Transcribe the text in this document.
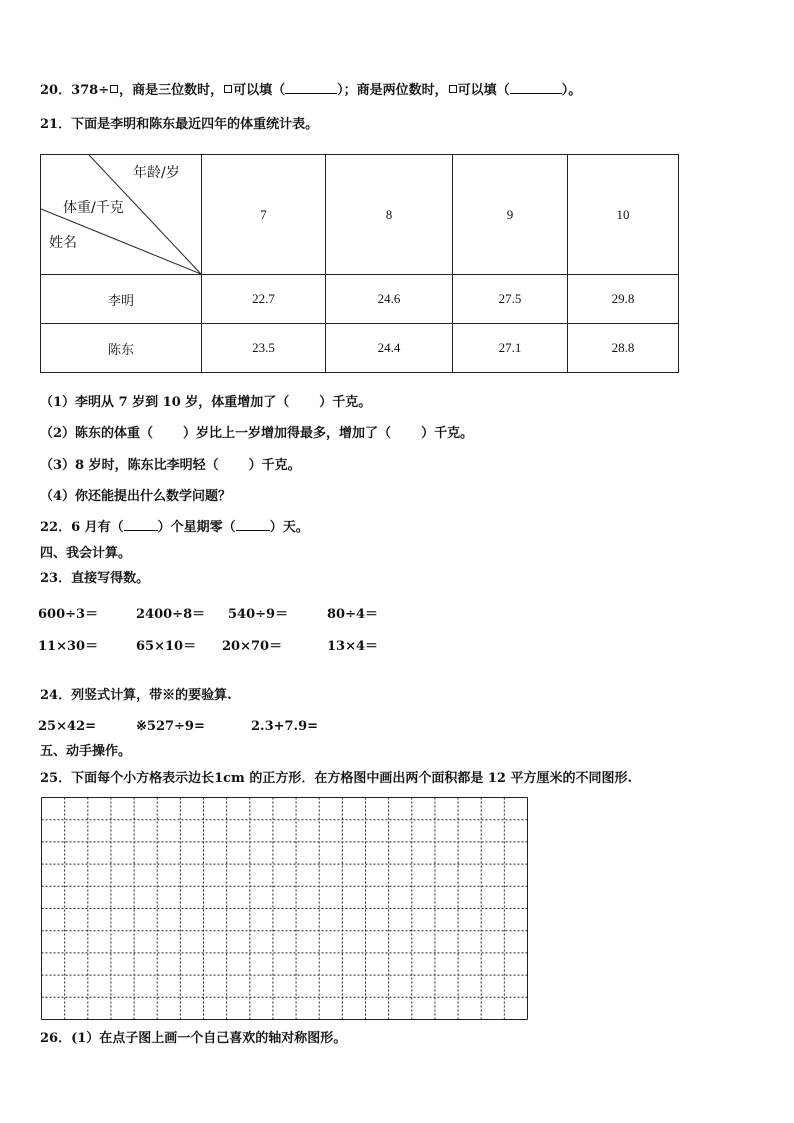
20．378÷ ，商是三位数时， 可以填（	）；商是两位数时， 可以填（	）。
21．下面是李明和陈东最近四年的体重统计表。
年龄/岁
体重/千克
姓名	7	8	9	10
李明	22.7	24.6	27.5	29.8
陈东	23.5	24.4	27.1	28.8
（1）李明从 7 岁到 10 岁，体重增加了（ ）千克。
（2）陈东的体重（ ）岁比上一岁增加得最多，增加了（ ）千克。
（3）8 岁时，陈东比李明轻（ ）千克。
（4）你还能提出什么数学问题？
22．6 月有（	）个星期零（	）天。
四、我会计算。
23．直接写得数。
600÷3＝	2400÷8＝ 540÷9＝	80÷4＝
11×30＝	65×10＝ 20×70＝	13×4＝
24．列竖式计算，带※的要验算.
25×42=	※527÷9=	2.3+7.9=
五、动手操作。
25．下面每个小方格表示边长1cm 的正方形．在方格图中画出两个面积都是 12 平方厘米的不同图形.
26．(1）在点子图上画一个自己喜欢的轴对称图形。
